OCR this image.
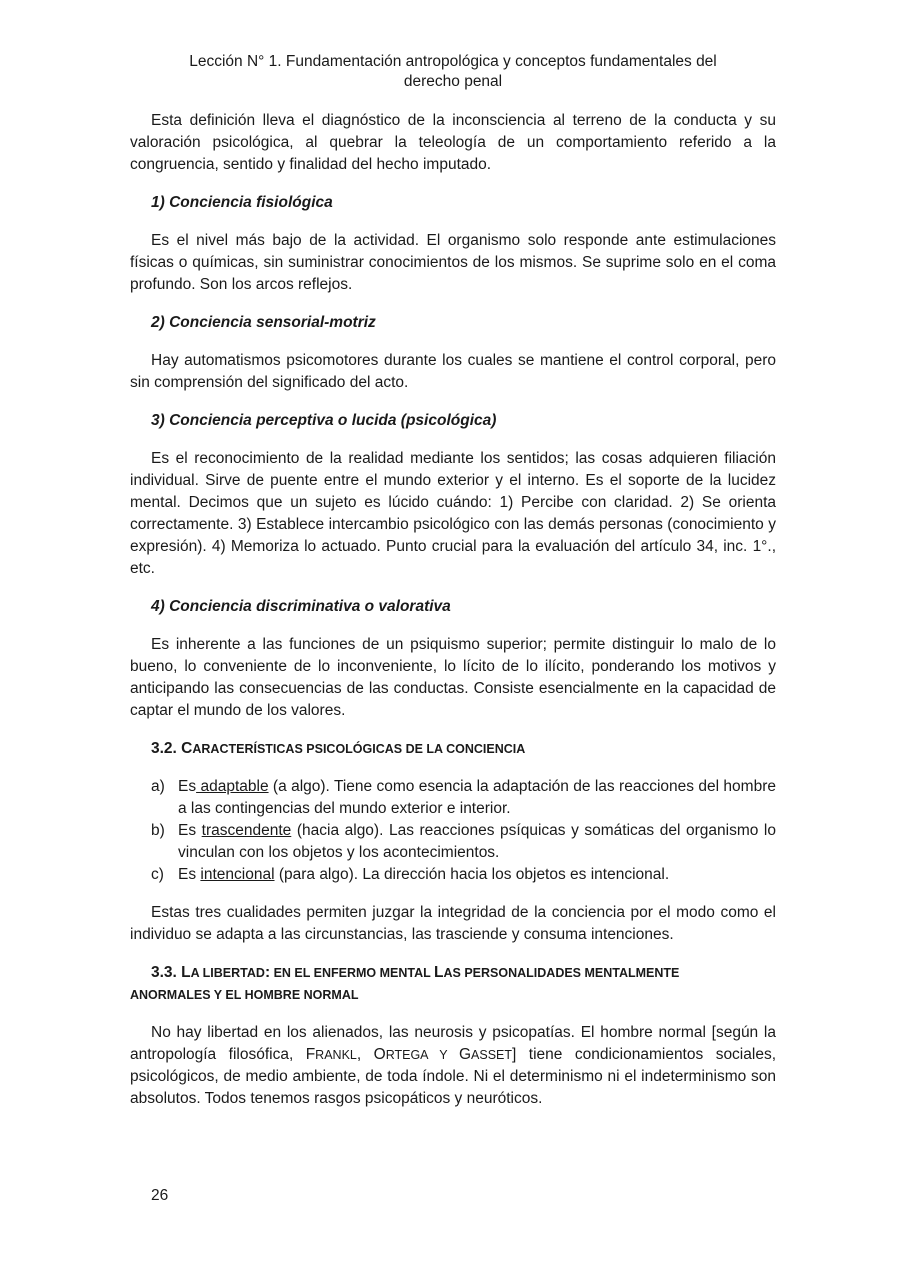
Lección N° 1. Fundamentación antropológica y conceptos fundamentales del
derecho penal

Esta definición lleva el diagnóstico de la inconsciencia al terreno de la conducta y su valoración psicológica, al quebrar la teleología de un comportamiento referido a la congruencia, sentido y finalidad del hecho imputado.

1) Conciencia fisiológica

Es el nivel más bajo de la actividad. El organismo solo responde ante estimulaciones físicas o químicas, sin suministrar conocimientos de los mismos. Se suprime solo en el coma profundo. Son los arcos reflejos.

2) Conciencia sensorial-motriz

Hay automatismos psicomotores durante los cuales se mantiene el control corporal, pero sin comprensión del significado del acto.

3) Conciencia perceptiva o lucida (psicológica)

Es el reconocimiento de la realidad mediante los sentidos; las cosas adquieren filiación individual. Sirve de puente entre el mundo exterior y el interno. Es el soporte de la lucidez mental. Decimos que un sujeto es lúcido cuándo: 1) Percibe con claridad. 2) Se orienta correctamente. 3) Establece intercambio psicológico con las demás personas (conocimiento y expresión). 4) Memoriza lo actuado. Punto crucial para la evaluación del artículo 34, inc. 1°., etc.

4) Conciencia discriminativa o valorativa

Es inherente a las funciones de un psiquismo superior; permite distinguir lo malo de lo bueno, lo conveniente de lo inconveniente, lo lícito de lo ilícito, ponderando los motivos y anticipando las consecuencias de las conductas. Consiste esencialmente en la capacidad de captar el mundo de los valores.

3.2. CARACTERÍSTICAS PSICOLÓGICAS DE LA CONCIENCIA
a) Es adaptable (a algo). Tiene como esencia la adaptación de las reacciones del hombre a las contingencias del mundo exterior e interior.
b) Es trascendente (hacia algo). Las reacciones psíquicas y somáticas del organismo lo vinculan con los objetos y los acontecimientos.
c) Es intencional (para algo). La dirección hacia los objetos es intencional.

Estas tres cualidades permiten juzgar la integridad de la conciencia por el modo como el individuo se adapta a las circunstancias, las trasciende y consuma intenciones.

3.3. LA LIBERTAD: EN EL ENFERMO MENTAL LAS PERSONALIDADES MENTALMENTE
ANORMALES Y EL HOMBRE NORMAL

No hay libertad en los alienados, las neurosis y psicopatías. El hombre normal [según la antropología filosófica, FRANKL, ORTEGA Y GASSET] tiene condicionamientos sociales, psicológicos, de medio ambiente, de toda índole. Ni el determinismo ni el indeterminismo son absolutos. Todos tenemos rasgos psicopáticos y neuróticos.

26
